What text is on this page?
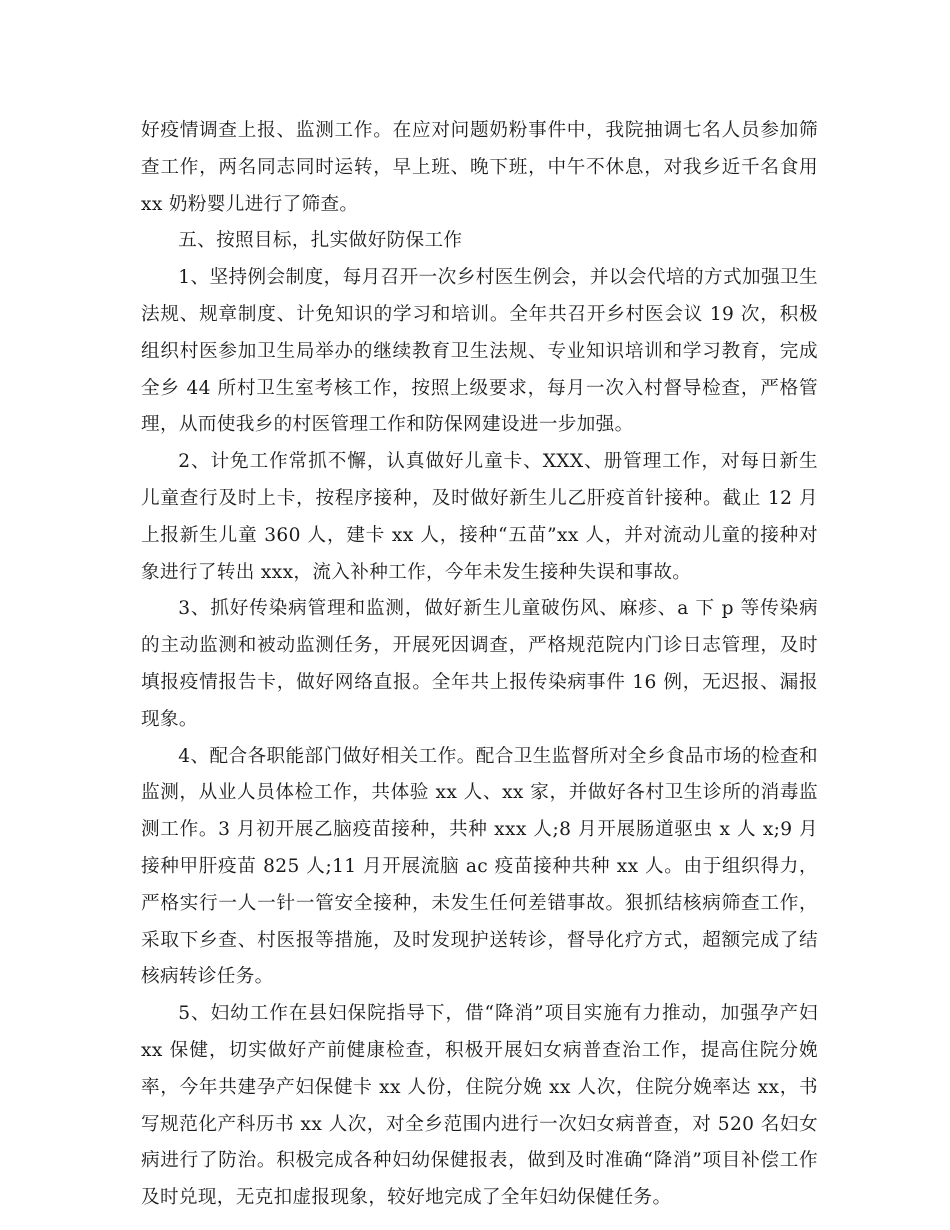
好疫情调查上报、监测工作。在应对问题奶粉事件中，我院抽调七名人员参加筛查工作，两名同志同时运转，早上班、晚下班，中午不休息，对我乡近千名食用 xx 奶粉婴儿进行了筛查。

五、按照目标，扎实做好防保工作

1、坚持例会制度，每月召开一次乡村医生例会，并以会代培的方式加强卫生法规、规章制度、计免知识的学习和培训。全年共召开乡村医会议 19 次，积极组织村医参加卫生局举办的继续教育卫生法规、专业知识培训和学习教育，完成全乡 44 所村卫生室考核工作，按照上级要求，每月一次入村督导检查，严格管理，从而使我乡的村医管理工作和防保网建设进一步加强。

2、计免工作常抓不懈，认真做好儿童卡、XXX、册管理工作，对每日新生儿童查行及时上卡，按程序接种，及时做好新生儿乙肝疫首针接种。截止 12 月上报新生儿童 360 人，建卡 xx 人，接种“五苗”xx 人，并对流动儿童的接种对象进行了转出 xxx，流入补种工作，今年未发生接种失误和事故。

3、抓好传染病管理和监测，做好新生儿童破伤风、麻疹、a 下 p 等传染病的主动监测和被动监测任务，开展死因调查，严格规范院内门诊日志管理，及时填报疫情报告卡，做好网络直报。全年共上报传染病事件 16 例，无迟报、漏报现象。

4、配合各职能部门做好相关工作。配合卫生监督所对全乡食品市场的检查和监测，从业人员体检工作，共体验 xx 人、xx 家，并做好各村卫生诊所的消毒监测工作。3 月初开展乙脑疫苗接种，共种 xxx 人;8 月开展肠道驱虫 x 人 x;9 月接种甲肝疫苗 825 人;11 月开展流脑 ac 疫苗接种共种 xx 人。由于组织得力，严格实行一人一针一管安全接种，未发生任何差错事故。狠抓结核病筛查工作，采取下乡查、村医报等措施，及时发现护送转诊，督导化疗方式，超额完成了结核病转诊任务。

5、妇幼工作在县妇保院指导下，借“降消”项目实施有力推动，加强孕产妇 xx 保健，切实做好产前健康检查，积极开展妇女病普查治工作，提高住院分娩率，今年共建孕产妇保健卡 xx 人份，住院分娩 xx 人次，住院分娩率达 xx，书写规范化产科历书 xx 人次，对全乡范围内进行一次妇女病普查，对 520 名妇女病进行了防治。积极完成各种妇幼保健报表，做到及时准确“降消”项目补偿工作及时兑现，无克扣虚报现象，较好地完成了全年妇幼保健任务。
